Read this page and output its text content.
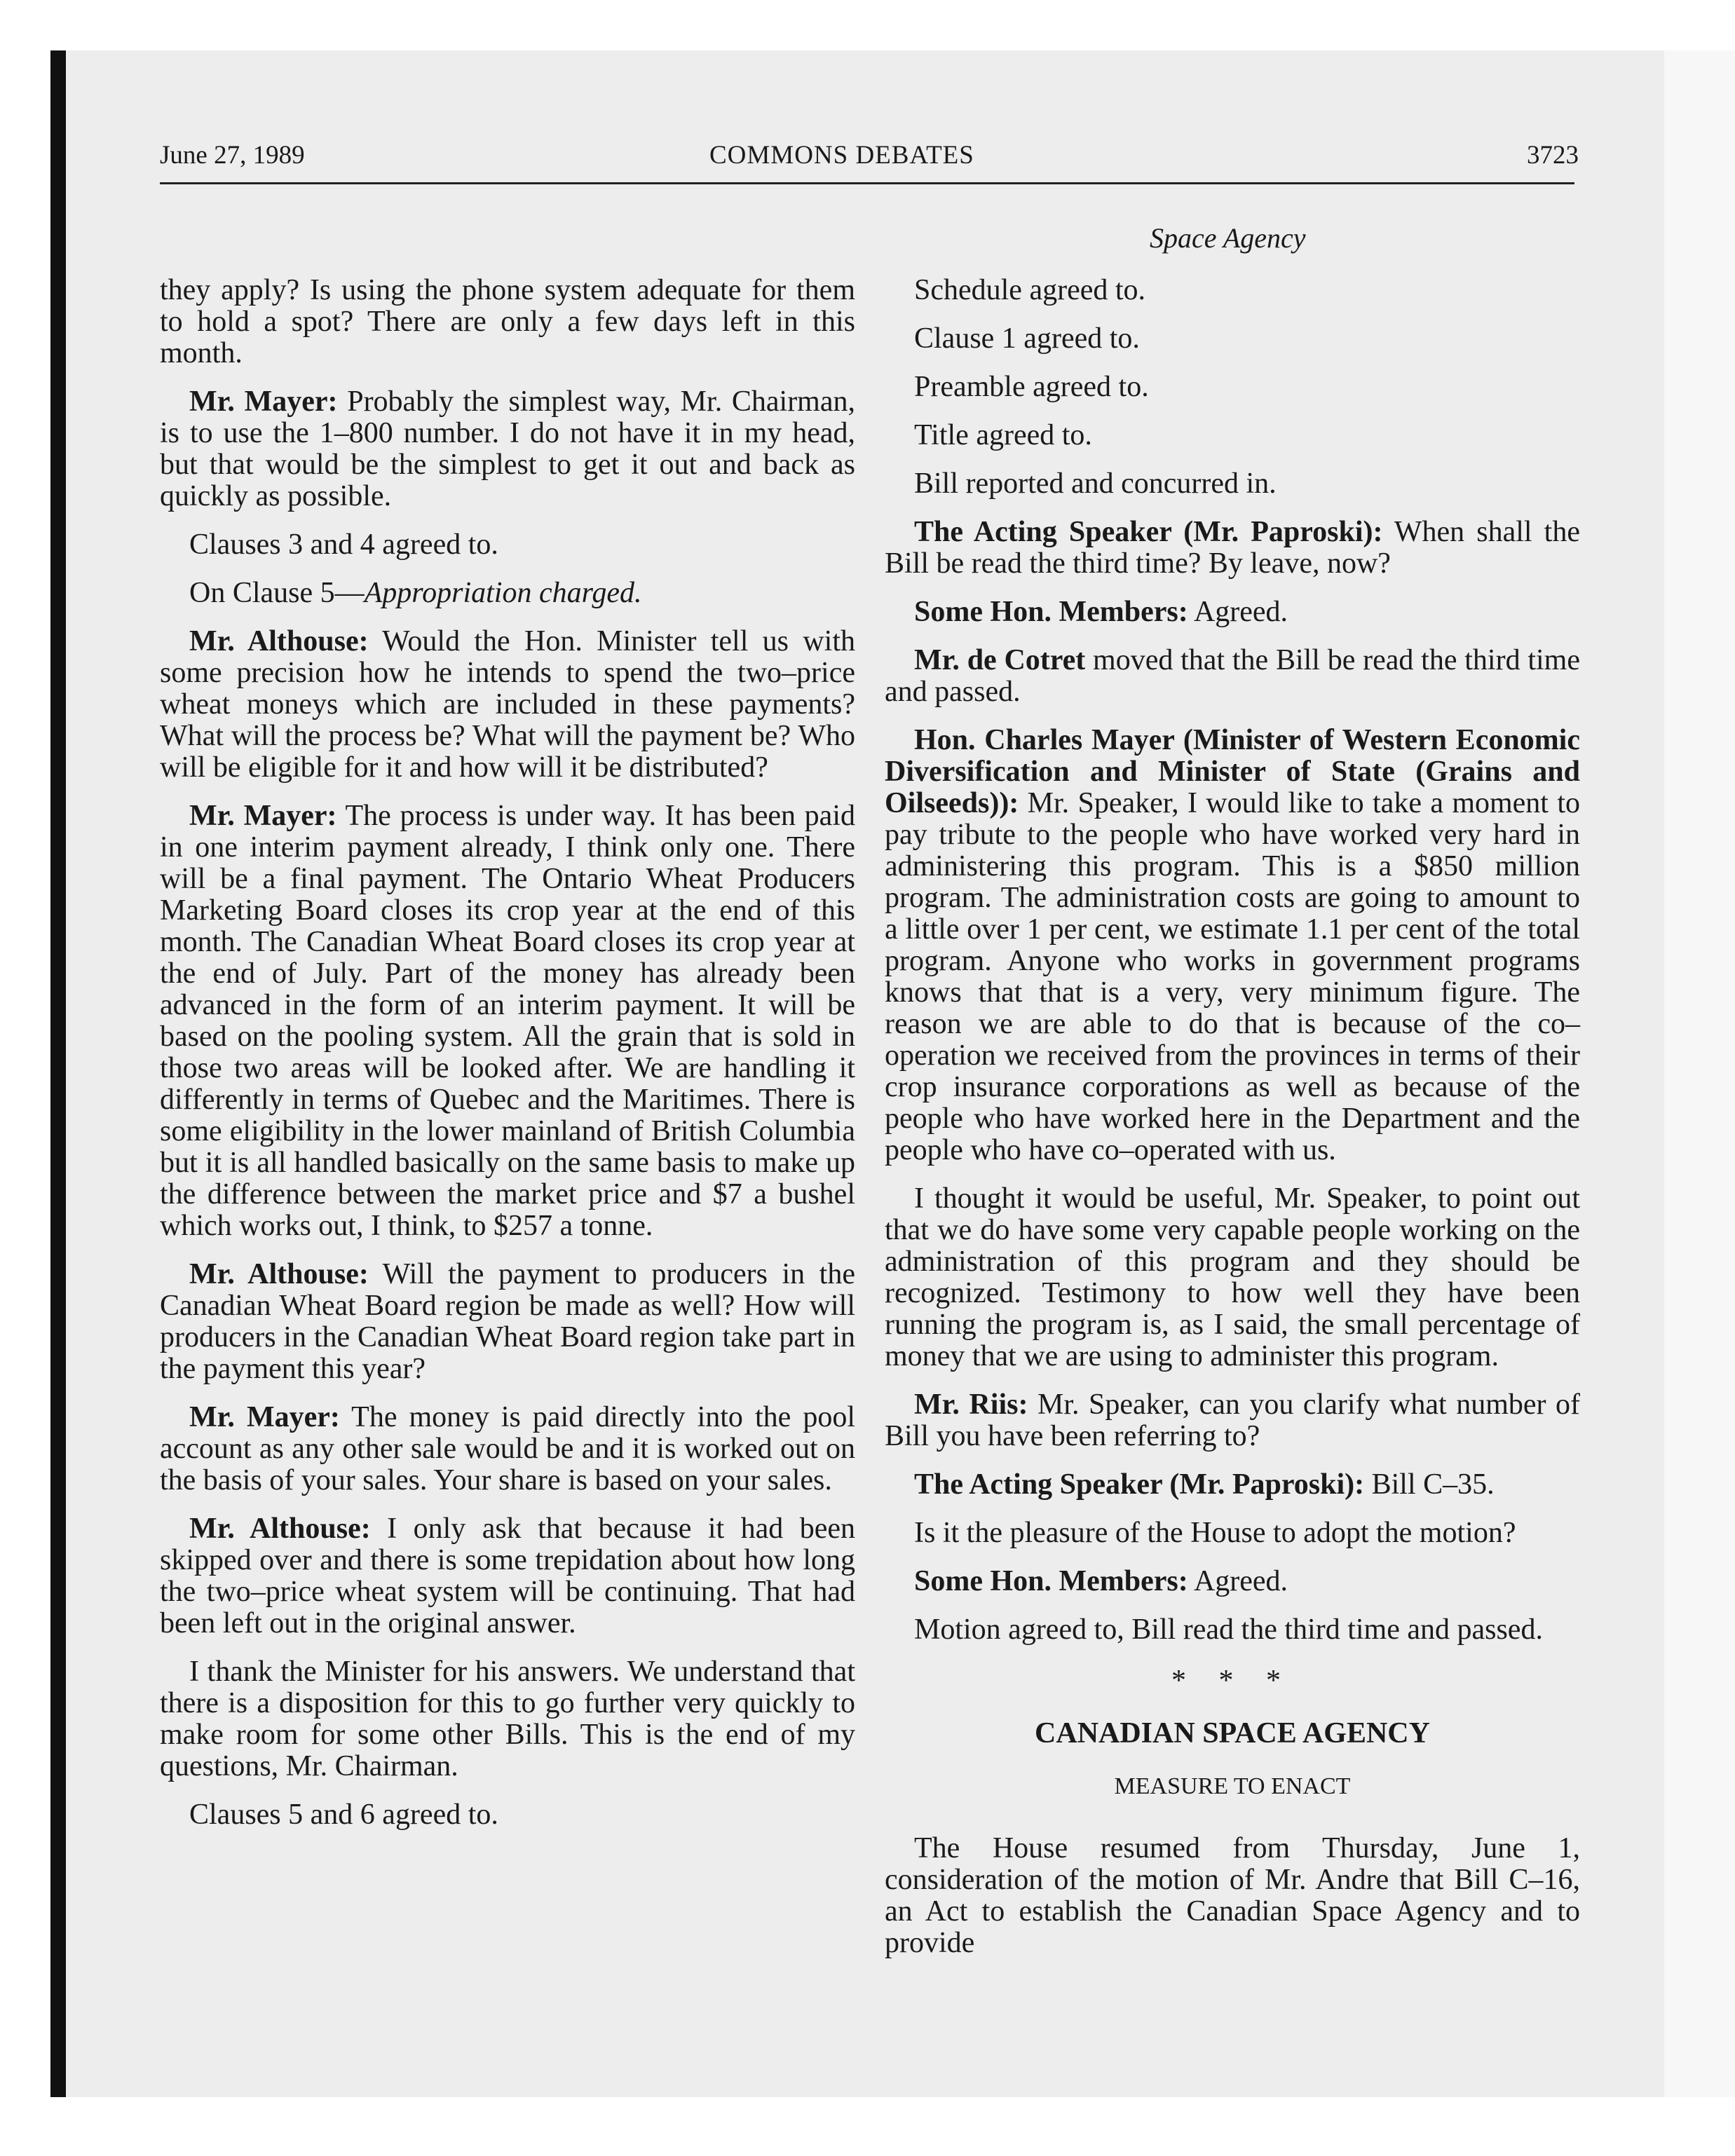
June 27, 1989	COMMONS DEBATES	3723
Space Agency

they apply? Is using the phone system adequate for them to hold a spot? There are only a few days left in this month.

Mr. Mayer: Probably the simplest way, Mr. Chairman, is to use the 1–800 number. I do not have it in my head, but that would be the simplest to get it out and back as quickly as possible.

Clauses 3 and 4 agreed to.

On Clause 5—Appropriation charged.

Mr. Althouse: Would the Hon. Minister tell us with some precision how he intends to spend the two–price wheat moneys which are included in these payments? What will the process be? What will the payment be? Who will be eligible for it and how will it be distributed?

Mr. Mayer: The process is under way. It has been paid in one interim payment already, I think only one. There will be a final payment. The Ontario Wheat Producers Marketing Board closes its crop year at the end of this month. The Canadian Wheat Board closes its crop year at the end of July. Part of the money has already been advanced in the form of an interim payment. It will be based on the pooling system. All the grain that is sold in those two areas will be looked after. We are handling it differently in terms of Quebec and the Maritimes. There is some eligibility in the lower mainland of British Columbia but it is all handled basically on the same basis to make up the difference between the market price and $7 a bushel which works out, I think, to $257 a tonne.

Mr. Althouse: Will the payment to producers in the Canadian Wheat Board region be made as well? How will producers in the Canadian Wheat Board region take part in the payment this year?

Mr. Mayer: The money is paid directly into the pool account as any other sale would be and it is worked out on the basis of your sales. Your share is based on your sales.

Mr. Althouse: I only ask that because it had been skipped over and there is some trepidation about how long the two–price wheat system will be continuing. That had been left out in the original answer.

I thank the Minister for his answers. We understand that there is a disposition for this to go further very quickly to make room for some other Bills. This is the end of my questions, Mr. Chairman.

Clauses 5 and 6 agreed to.

Schedule agreed to.

Clause 1 agreed to.

Preamble agreed to.

Title agreed to.

Bill reported and concurred in.

The Acting Speaker (Mr. Paproski): When shall the Bill be read the third time? By leave, now?

Some Hon. Members: Agreed.

Mr. de Cotret moved that the Bill be read the third time and passed.

Hon. Charles Mayer (Minister of Western Economic Diversification and Minister of State (Grains and Oilseeds)): Mr. Speaker, I would like to take a moment to pay tribute to the people who have worked very hard in administering this program. This is a $850 million program. The administration costs are going to amount to a little over 1 per cent, we estimate 1.1 per cent of the total program. Anyone who works in government programs knows that that is a very, very minimum figure. The reason we are able to do that is because of the co–operation we received from the provinces in terms of their crop insurance corporations as well as because of the people who have worked here in the Department and the people who have co–operated with us.

I thought it would be useful, Mr. Speaker, to point out that we do have some very capable people working on the administration of this program and they should be recognized. Testimony to how well they have been running the program is, as I said, the small percentage of money that we are using to administer this program.

Mr. Riis: Mr. Speaker, can you clarify what number of Bill you have been referring to?

The Acting Speaker (Mr. Paproski): Bill C–35.

Is it the pleasure of the House to adopt the motion?

Some Hon. Members: Agreed.

Motion agreed to, Bill read the third time and passed.

* * *

CANADIAN SPACE AGENCY

MEASURE TO ENACT

The House resumed from Thursday, June 1, consideration of the motion of Mr. Andre that Bill C–16, an Act to establish the Canadian Space Agency and to provide
